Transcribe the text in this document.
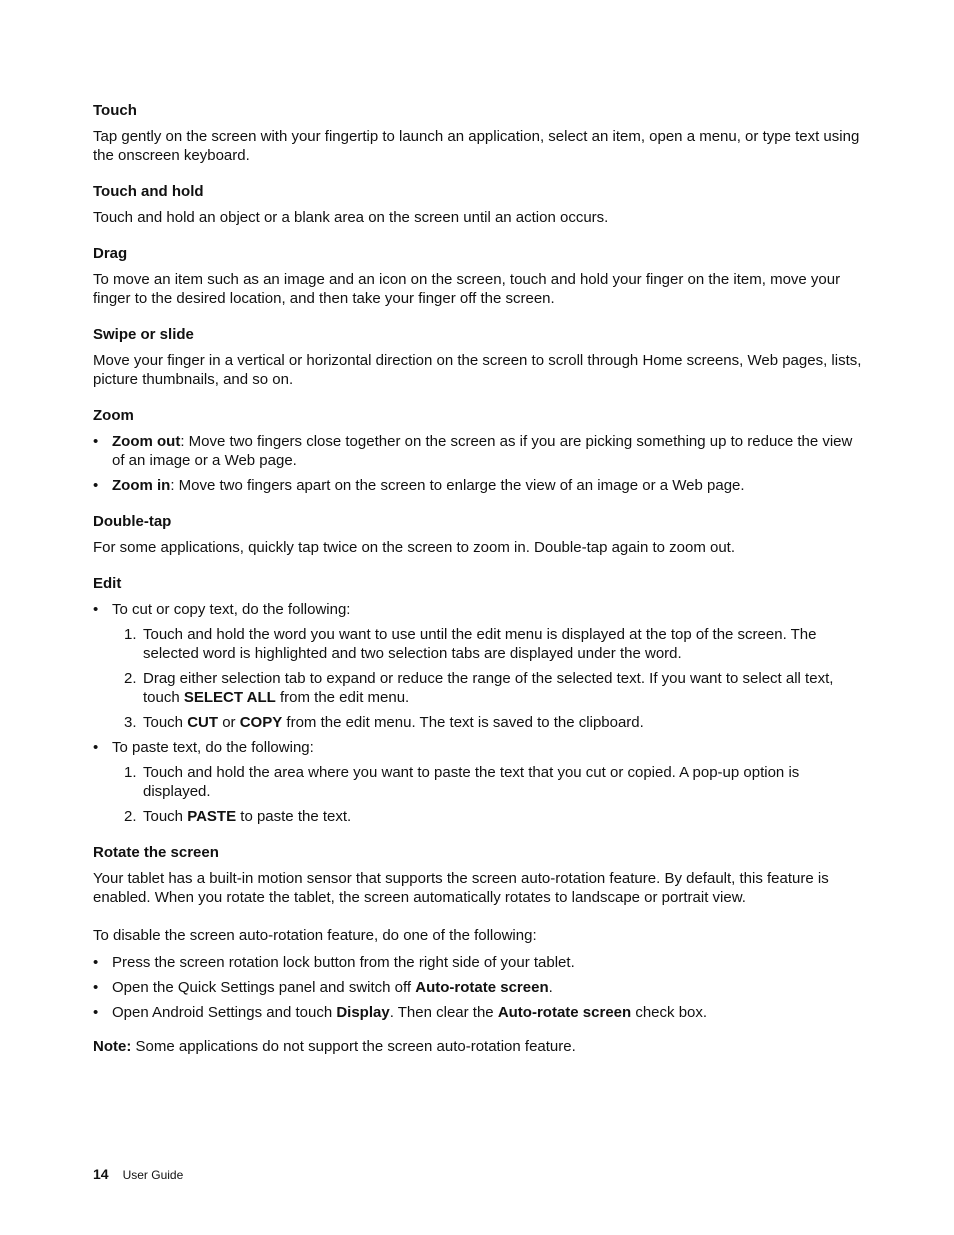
Touch

Tap gently on the screen with your fingertip to launch an application, select an item, open a menu, or type text using the onscreen keyboard.

Touch and hold

Touch and hold an object or a blank area on the screen until an action occurs.

Drag

To move an item such as an image and an icon on the screen, touch and hold your finger on the item, move your finger to the desired location, and then take your finger off the screen.

Swipe or slide

Move your finger in a vertical or horizontal direction on the screen to scroll through Home screens, Web pages, lists, picture thumbnails, and so on.

Zoom
• Zoom out: Move two fingers close together on the screen as if you are picking something up to reduce the view of an image or a Web page.
• Zoom in: Move two fingers apart on the screen to enlarge the view of an image or a Web page.
Double-tap

For some applications, quickly tap twice on the screen to zoom in. Double-tap again to zoom out.

Edit
• To cut or copy text, do the following:
1. Touch and hold the word you want to use until the edit menu is displayed at the top of the screen. The selected word is highlighted and two selection tabs are displayed under the word.
2. Drag either selection tab to expand or reduce the range of the selected text. If you want to select all text, touch SELECT ALL from the edit menu.
3. Touch CUT or COPY from the edit menu. The text is saved to the clipboard.
• To paste text, do the following:
1. Touch and hold the area where you want to paste the text that you cut or copied. A pop-up option is displayed.
2. Touch PASTE to paste the text.
Rotate the screen

Your tablet has a built-in motion sensor that supports the screen auto-rotation feature. By default, this feature is enabled. When you rotate the tablet, the screen automatically rotates to landscape or portrait view.

To disable the screen auto-rotation feature, do one of the following:

• Press the screen rotation lock button from the right side of your tablet.
• Open the Quick Settings panel and switch off Auto-rotate screen.
• Open Android Settings and touch Display. Then clear the Auto-rotate screen check box.

Note: Some applications do not support the screen auto-rotation feature.

14 User Guide
